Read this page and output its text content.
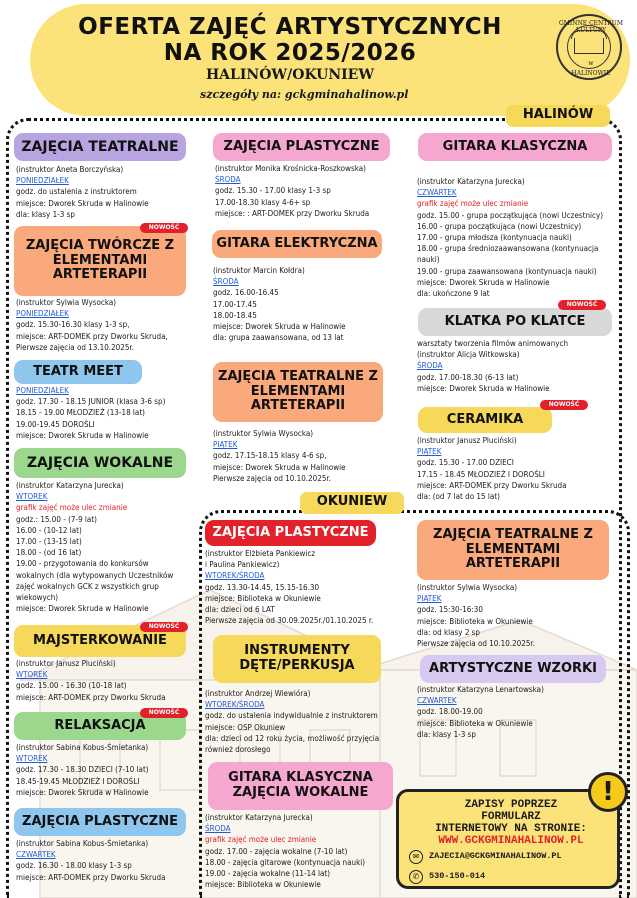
OFERTA ZAJĘĆ ARTYSTYCZNYCH
NA ROK 2025/2026
HALINÓW/OKUNIEW
szczegóły na: gckgminahalinow.pl
GMINNE CENTRUM KULTURY
w
HALINOWIE
HALINÓW
OKUNIEW
ZAJĘCIA TEATRALNE
(instruktor Aneta Borczyńska)
PONIEDZIAŁEK
godz. do ustalenia z instruktorem
miejsce: Dworek Skruda w Halinowie
dla: klasy 1-3 sp
ZAJĘCIA TWÓRCZE Z ELEMENTAMI ARTETERAPII
NOWOŚĆ
(instruktor Sylwia Wysocka)
PONIEDZIAŁEK
godz. 15.30-16.30 klasy 1-3 sp,
miejsce: ART-DOMEK przy Dworku Skruda,
Pierwsze zajęcia od 13.10.2025r.
TEATR MEET
PONIEDZIAŁEK
godz. 17.30 - 18.15 JUNIOR (klasa 3-6 sp)
18.15 - 19.00 MŁODZIEŻ (13-18 lat)
19.00-19.45 DOROŚLI
miejsce: Dworek Skruda w Halinowie
ZAJĘCIA WOKALNE
(instruktor Katarzyna Jurecka)
WTOREK
grafik zajęć może ulec zmianie
godz.: 15.00 - (7-9 lat)
16.00 - (10-12 lat)
17.00 - (13-15 lat)
18.00 - (od 16 lat)
19.00 - przygotowania do konkursów
wokalnych (dla wytypowanych Uczestników
zajęć wokalnych GCK z wszystkich grup
wiekowych)
miejsce: Dworek Skruda w Halinowie
MAJSTERKOWANIE
NOWOŚĆ
(instruktor Janusz Pluciński)
WTOREK
godz. 15.00 - 16.30 (10-18 lat)
miejsce: ART-DOMEK przy Dworku Skruda
RELAKSACJA
NOWOŚĆ
(instruktor Sabina Kobus-Śmietanka)
WTOREK
godz. 17.30 - 18.30 DZIECI (7-10 lat)
18.45-19.45 MŁODZIEŻ I DOROŚLI
miejsce: Dworek Skruda w Halinowie
ZAJĘCIA PLASTYCZNE
(instruktor Sabina Kobus-Śmietanka)
CZWARTEK
godz. 16.30 - 18.00 klasy 1-3 sp
miejsce: ART-DOMEK przy Dworku Skruda
ZAJĘCIA PLASTYCZNE
(instruktor Monika Krośnicka-Roszkowska)
ŚRODA
godz. 15.30 - 17.00 klasy 1-3 sp
17.00-18.30 klasy 4-6+ sp
miejsce: : ART-DOMEK przy Dworku Skruda
GITARA ELEKTRYCZNA
(instruktor Marcin Kołdra)
ŚRODA
godz. 16.00-16.45
17.00-17.45
18.00-18.45
miejsce: Dworek Skruda w Halinowie
dla: grupa zaawansowana, od 13 lat
ZAJĘCIA TEATRALNE Z ELEMENTAMI ARTETERAPII
(instruktor Sylwia Wysocka)
PIĄTEK
godz. 17.15-18.15 klasy 4-6 sp,
miejsce: Dworek Skruda w Halinowie
Pierwsze zajęcia od 10.10.2025r.
GITARA KLASYCZNA
(instruktor Katarzyna Jurecka)
CZWARTEK
grafik zajęć może ulec zmianie
godz. 15.00 - grupa początkująca (nowi Uczestnicy)
16.00 - grupa początkująca (nowi Uczestnicy)
17.00 - grupa młodsza (kontynuacja nauki)
18.00 - grupa średniozaawansowana (kontynuacja
nauki)
19.00 - grupa zaawansowana (kontynuacja nauki)
miejsce: Dworek Skruda w Halinowie
dla: ukończone 9 lat
KLATKA PO KLATCE
NOWOŚĆ
warsztaty tworzenia filmów animowanych
(instruktor Alicja Witkowska)
ŚRODA
godz. 17.00-18.30 (6-13 lat)
miejsce: Dworek Skruda w Halinowie
CERAMIKA
NOWOŚĆ
(instruktor Janusz Pluciński)
PIĄTEK
godz. 15.30 - 17.00 DZIECI
17.15 - 18.45 MŁODZIEŻ I DOROŚLI
miejsce: ART-DOMEK przy Dworku Skruda
dla: (od 7 lat do 15 lat)
ZAJĘCIA PLASTYCZNE
(instruktor Elżbieta Pankiewicz
i Paulina Pankiewicz)
WTOREK/ŚRODA
godz. 13.30-14.45, 15.15-16.30
miejsce: Biblioteka w Okuniewie
dla: dzieci od 6 LAT
Pierwsze zajęcia od 30.09.2025r./01.10.2025 r.
INSTRUMENTY DĘTE/PERKUSJA
(instruktor Andrzej Wiewióra)
WTOREK/ŚRODA
godz. do ustalenia indywidualnie z instruktorem
miejsce: OSP Okuniew
dla: dzieci od 12 roku życia, możliwość przyjęcia
również dorosłego
GITARA KLASYCZNA ZAJĘCIA WOKALNE
(instruktor Katarzyna Jurecka)
ŚRODA
grafik zajęć może ulec zmianie
godz. 17.00 - zajęcia wokalne (7-10 lat)
18.00 - zajęcia gitarowe (kontynuacja nauki)
19.00 - zajęcia wokalne (11-14 lat)
miejsce: Biblioteka w Okuniewie
ZAJĘCIA TEATRALNE Z ELEMENTAMI ARTETERAPII
(instruktor Sylwia Wysocka)
PIĄTEK
godz. 15:30-16:30
miejsce: Biblioteka w Okuniewie
dla: od klasy 2 sp
Pierwsze zajęcia od 10.10.2025r.
ARTYSTYCZNE WZORKI
(instruktor Katarzyna Lenartowska)
CZWARTEK
godz. 18.00-19.00
miejsce: Biblioteka w Okuniewie
dla: klasy 1-3 sp
ZAPISY POPRZEZ
FORMULARZ
INTERNETOWY NA STRONIE:
WWW.GCKGMINAHALINOW.PL
✉	ZAJECIA@GCKGMINAHALINOW.PL
✆	530-150-014
!
